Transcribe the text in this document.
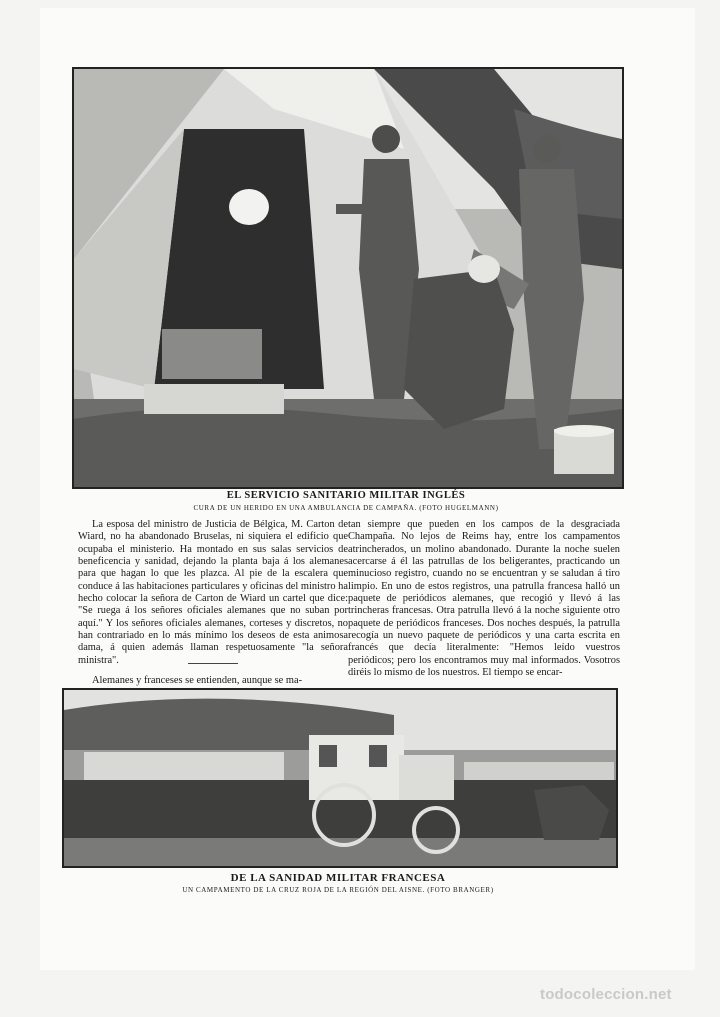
EL SERVICIO SANITARIO MILITAR INGLÉS
CURA DE UN HERIDO EN UNA AMBULANCIA DE CAMPAÑA. (FOTO HUGELMANN)

La esposa del ministro de Justicia de Bélgica, M. Carton de Wiard, no ha abandonado Bruselas, ni siquiera el edificio que ocupaba el ministerio. Ha montado en sus salas servicios de beneficencia y sanidad, dejando la planta baja á los alemanes para que hagan lo que les plazca. Al pie de la escalera que conduce á las habitaciones particulares y oficinas del ministro ha hecho colocar la señora de Carton de Wiard un cartel que dice: "Se ruega á los señores oficiales alemanes que no suban por aquí." Y los señores oficiales alemanes, corteses y discretos, no han contrariado en lo más mínimo los deseos de esta animosa dama, á quien además llaman respetuosamente "la señora ministra".

Alemanes y franceses se entienden, aunque se ma-

tan siempre que pueden en los campos de la desgraciada Champaña. No lejos de Reims hay, entre los campamentos atrincherados, un molino abandonado. Durante la noche suelen acercarse á él las patrullas de los beligerantes, practicando un minucioso registro, cuando no se encuentran y se saludan á tiro limpio. En uno de estos registros, una patrulla francesa halló un paquete de periódicos alemanes, que recogió y llevó á las trincheras francesas. Otra patrulla llevó á la noche siguiente otro paquete de periódicos franceses. Dos noches después, la patrulla recogía un nuevo paquete de periódicos y una carta escrita en francés que decía literalmente: "Hemos leído vuestros periódicos; pero los encontramos muy mal informados. Vosotros diréis lo mismo de los nuestros. El tiempo se encar-

DE LA SANIDAD MILITAR FRANCESA
UN CAMPAMENTO DE LA CRUZ ROJA DE LA REGIÓN DEL AISNE. (FOTO BRANGER)
todocoleccion.net
